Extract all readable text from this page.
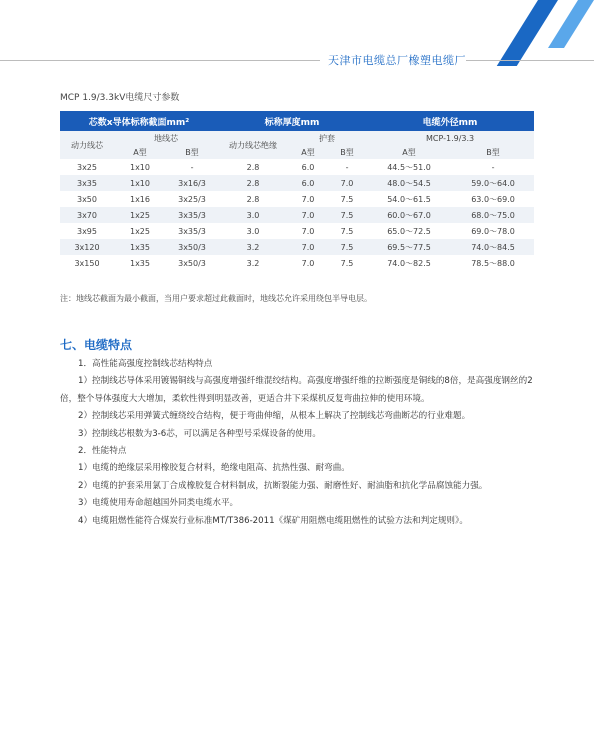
天津市电缆总厂橡塑电缆厂
MCP 1.9/3.3kV电缆尺寸参数
芯数x导体标称截面mm²			标称厚度mm			电缆外径mm	
动力线芯	地线芯		动力线芯绝缘	护套		MCP-1.9/3.3	
	A型	B型		A型	B型	A型	B型
3x25	1x10	-	2.8	6.0	-	44.5～51.0	-
3x35	1x10	3x16/3	2.8	6.0	7.0	48.0～54.5	59.0～64.0
3x50	1x16	3x25/3	2.8	7.0	7.5	54.0～61.5	63.0～69.0
3x70	1x25	3x35/3	3.0	7.0	7.5	60.0～67.0	68.0～75.0
3x95	1x25	3x35/3	3.0	7.0	7.5	65.0～72.5	69.0～78.0
3x120	1x35	3x50/3	3.2	7.0	7.5	69.5～77.5	74.0～84.5
3x150	1x35	3x50/3	3.2	7.0	7.5	74.0～82.5	78.5～88.0
注：地线芯截面为最小截面，当用户要求超过此截面时，地线芯允许采用绕包半导电层。
七、电缆特点

1．高性能高强度控制线芯结构特点

1）控制线芯导体采用镀锡铜线与高强度增强纤维混绞结构。高强度增强纤维的拉断强度是铜线的8倍，是高强度钢丝的2倍，整个导体强度大大增加，柔软性得到明显改善，更适合井下采煤机反复弯曲拉伸的使用环境。

2）控制线芯采用弹簧式缠绕绞合结构，便于弯曲伸缩，从根本上解决了控制线芯弯曲断芯的行业难题。

3）控制线芯根数为3-6芯，可以满足各种型号采煤设备的使用。

2．性能特点

1）电缆的绝缘层采用橡胶复合材料，绝缘电阻高、抗热性强、耐弯曲。

2）电缆的护套采用氯丁合成橡胶复合材料制成，抗断裂能力强、耐磨性好、耐油脂和抗化学品腐蚀能力强。

3）电缆使用寿命超越国外同类电缆水平。

4）电缆阻燃性能符合煤炭行业标准MT/T386-2011《煤矿用阻燃电缆阻燃性的试验方法和判定规则》。
